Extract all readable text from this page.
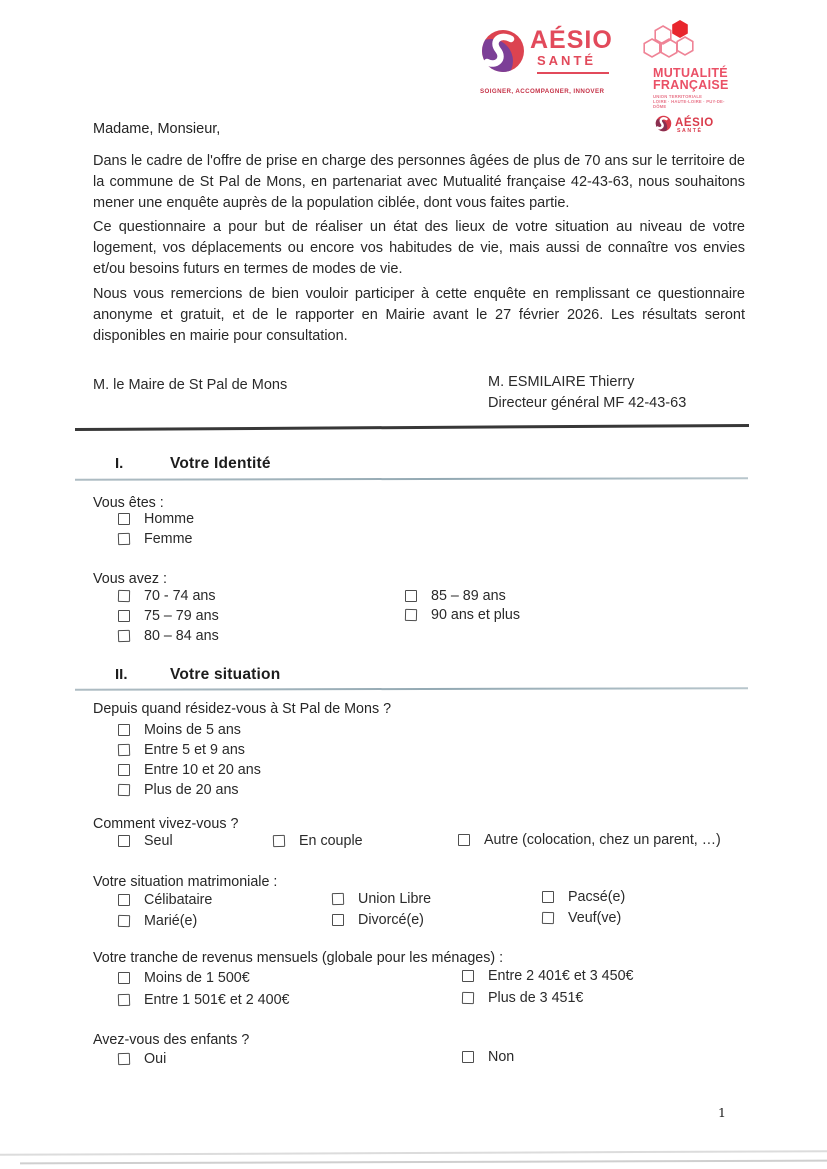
AÉSIO
SANTÉ
SOIGNER, ACCOMPAGNER, INNOVER
MUTUALITÉ
FRANÇAISE
UNION TERRITORIALE
LOIRE · HAUTE-LOIRE · PUY-DE-DÔME
AÉSIO
SANTÉ
Madame, Monsieur,

Dans le cadre de l'offre de prise en charge des personnes âgées de plus de 70 ans sur le territoire de la commune de St Pal de Mons, en partenariat avec Mutualité française 42-43-63, nous souhaitons mener une enquête auprès de la population ciblée, dont vous faites partie.

Ce questionnaire a pour but de réaliser un état des lieux de votre situation au niveau de votre logement, vos déplacements ou encore vos habitudes de vie, mais aussi de connaître vos envies et/ou besoins futurs en termes de modes de vie.

Nous vous remercions de bien vouloir participer à cette enquête en remplissant ce questionnaire anonyme et gratuit, et de le rapporter en Mairie avant le 27 février 2026. Les résultats seront disponibles en mairie pour consultation.

M. le Maire de St Pal de Mons	M. ESMILAIRE Thierry
Directeur général MF 42-43-63
I.	Votre Identité
Vous êtes :
Homme
Femme
Vous avez :
70 - 74 ans
75 – 79 ans
80 – 84 ans
85 – 89 ans
90 ans et plus
II.	Votre situation
Depuis quand résidez-vous à St Pal de Mons ?
Moins de 5 ans
Entre 5 et 9 ans
Entre 10 et 20 ans
Plus de 20 ans
Comment vivez-vous ?
Seul	En couple	Autre (colocation, chez un parent, …)
Votre situation matrimoniale :
Célibataire
Marié(e)
Union Libre
Divorcé(e)
Pacsé(e)
Veuf(ve)
Votre tranche de revenus mensuels (globale pour les ménages) :
Moins de 1 500€
Entre 1 501€ et 2 400€
Entre 2 401€ et 3 450€
Plus de 3 451€
Avez-vous des enfants ?
Oui	Non
1
